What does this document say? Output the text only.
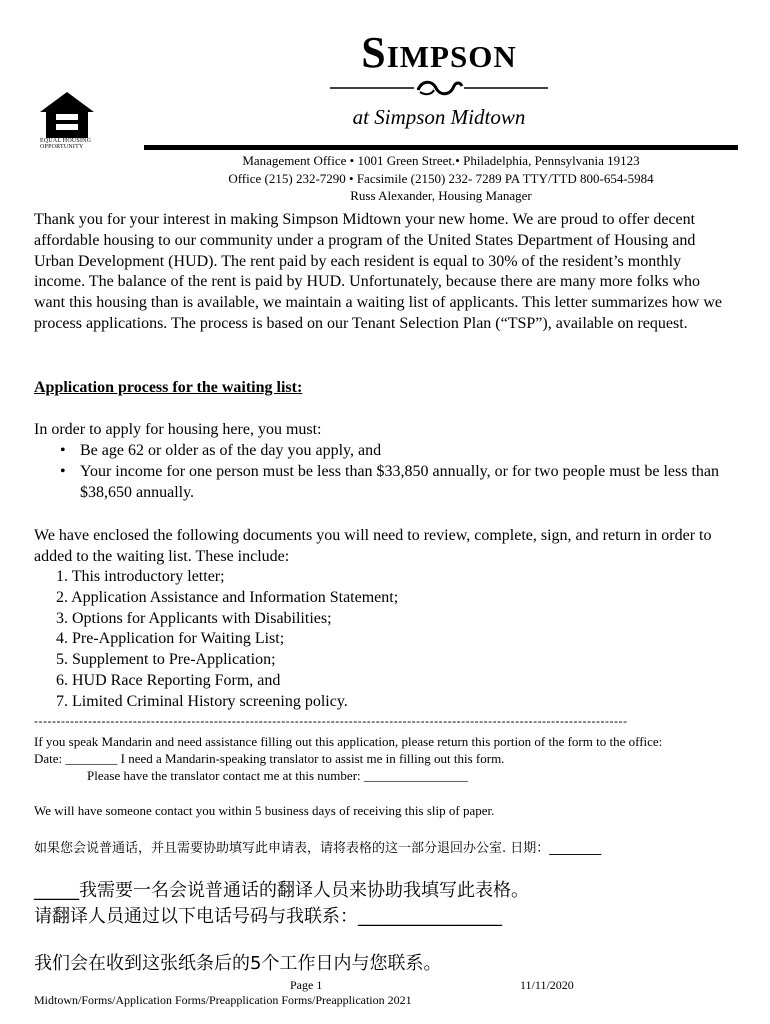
EQUAL HOUSING OPPORTUNITY
Simpson
at Simpson Midtown
Management Office • 1001 Green Street.• Philadelphia, Pennsylvania 19123
Office (215) 232-7290 • Facsimile (2150) 232- 7289 PA TTY/TTD 800-654-5984
Russ Alexander, Housing Manager
Thank you for your interest in making Simpson Midtown your new home. We are proud to offer decent affordable housing to our community under a program of the United States Department of Housing and Urban Development (HUD). The rent paid by each resident is equal to 30% of the resident’s monthly income. The balance of the rent is paid by HUD. Unfortunately, because there are many more folks who want this housing than is available, we maintain a waiting list of applicants. This letter summarizes how we process applications. The process is based on our Tenant Selection Plan (“TSP”), available on request.
Application process for the waiting list:
In order to apply for housing here, you must:
• Be age 62 or older as of the day you apply, and
• Your income for one person must be less than $33,850 annually, or for two people must be less than $38,650 annually.
We have enclosed the following documents you will need to review, complete, sign, and return in order to added to the waiting list. These include:
1. This introductory letter;
2. Application Assistance and Information Statement;
3. Options for Applicants with Disabilities;
4. Pre-Application for Waiting List;
5. Supplement to Pre-Application;
6. HUD Race Reporting Form, and
7. Limited Criminal History screening policy.
------------------------------------------------------------------------------------------------------------------------------------
If you speak Mandarin and need assistance filling out this application, please return this portion of the form to the office:
Date: ________ I need a Mandarin-speaking translator to assist me in filling out this form.
Please have the translator contact me at this number: ________________
We will have someone contact you within 5 business days of receiving this slip of paper.
如果您会说普通话，并且需要协助填写此申请表，请将表格的这一部分退回办公室. 日期：________
_____我需要一名会说普通话的翻译人员来协助我填写此表格。
请翻译人员通过以下电话号码与我联系：________________
我们会在收到这张纸条后的5个工作日内与您联系。
Page 1	11/11/2020
Midtown/Forms/Application Forms/Preapplication Forms/Preapplication 2021
